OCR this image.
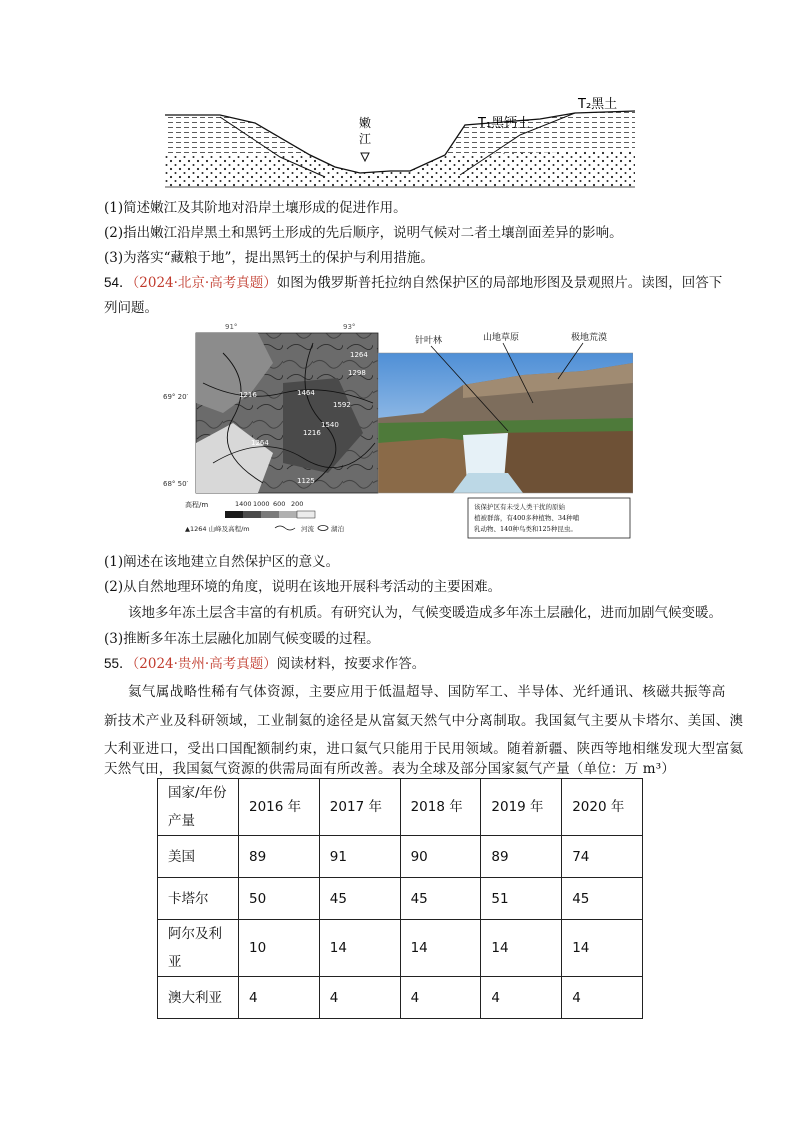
嫩
江
T₁黑钙土
T₂黑土
(1)简述嫩江及其阶地对沿岸土壤形成的促进作用。
(2)指出嫩江沿岸黑土和黑钙土形成的先后顺序，说明气候对二者土壤剖面差异的影响。
(3)为落实“藏粮于地”，提出黑钙土的保护与利用措施。
54．（2024·北京·高考真题）如图为俄罗斯普托拉纳自然保护区的局部地形图及景观照片。读图，回答下
列问题。
91°	93°
69° 20′
68° 50′
1264
1298
1216	1464
1592
1540
1216
1264
1125
高程/m	1400 1000 600 200
▲1264 山峰及高程/m	河流	湖泊
针叶林	山地草原	极地荒漠
该保护区有未受人类干扰的原始
植被群落，有400多种植物、34种哺
乳动物、140种鸟类和125种昆虫。
(1)阐述在该地建立自然保护区的意义。
(2)从自然地理环境的角度，说明在该地开展科考活动的主要困难。
该地多年冻土层含丰富的有机质。有研究认为，气候变暖造成多年冻土层融化，进而加剧气候变暖。
(3)推断多年冻土层融化加剧气候变暖的过程。
55．（2024·贵州·高考真题）阅读材料，按要求作答。
氦气属战略性稀有气体资源，主要应用于低温超导、国防军工、半导体、光纤通讯、核磁共振等高
新技术产业及科研领域，工业制氦的途径是从富氦天然气中分离制取。我国氦气主要从卡塔尔、美国、澳
大利亚进口，受出口国配额制约束，进口氦气只能用于民用领域。随着新疆、陕西等地相继发现大型富氦
天然气田，我国氦气资源的供需局面有所改善。表为全球及部分国家氦气产量（单位：万 m³）
国家/年份
产量	2016 年	2017 年	2018 年	2019 年	2020 年
美国	89	91	90	89	74
卡塔尔	50	45	45	51	45

阿尔及利
亚	10	14	14	14	14
澳大利亚	4	4	4	4	4
